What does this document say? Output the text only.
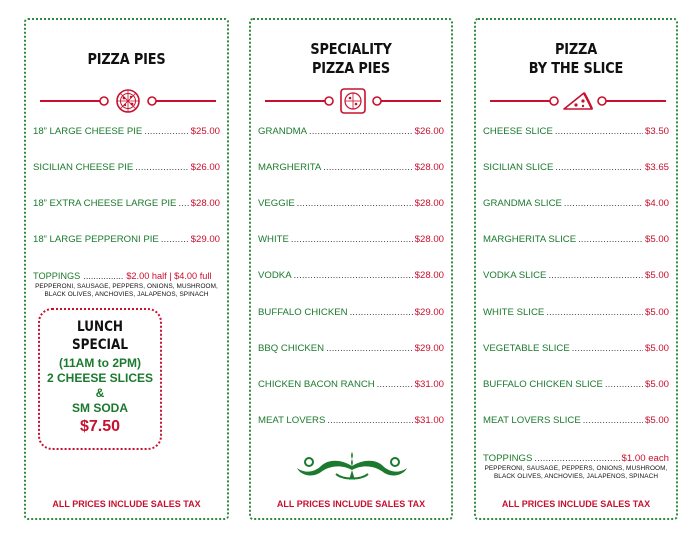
PIZZA PIES
18” LARGE CHEESE PIE .....	$25.00
SICILIAN CHEESE PIE .....	$26.00
18” EXTRA CHEESE LARGE PIE ..... $28.00
18” LARGE PEPPERONI PIE .....	$29.00
TOPPINGS .....	$2.00 half | $4.00 full
PEPPERONI, SAUSAGE, PEPPERS, ONIONS, MUSHROOM,
BLACK OLIVES, ANCHOVIES, JALAPENOS, SPINACH
ALL PRICES INCLUDE SALES TAX
LUNCH
SPECIAL
(11AM to 2PM)
2 CHEESE SLICES
&
SM SODA
$7.50
SPECIALITY
PIZZA PIES
GRANDMA .....	$26.00
MARGHERITA .....	$28.00
VEGGIE .....	$28.00
WHITE .....	$28.00
VODKA .....	$28.00
BUFFALO CHICKEN .....	$29.00
BBQ CHICKEN .....	$29.00
CHICKEN BACON RANCH .....	$31.00
MEAT LOVERS .....	$31.00
ALL PRICES INCLUDE SALES TAX
PIZZA
BY THE SLICE
CHEESE SLICE .....	$3.50
SICILIAN SLICE .....	$3.65
GRANDMA SLICE .....	$4.00
MARGHERITA SLICE .....	$5.00
VODKA SLICE .....	$5.00
WHITE SLICE .....	$5.00
VEGETABLE SLICE .....	$5.00
BUFFALO CHICKEN SLICE .....	$5.00
MEAT LOVERS SLICE .....	$5.00
TOPPINGS .....	$1.00 each
PEPPERONI, SAUSAGE, PEPPERS, ONIONS, MUSHROOM,
BLACK OLIVES, ANCHOVIES, JALAPENOS, SPINACH
ALL PRICES INCLUDE SALES TAX
